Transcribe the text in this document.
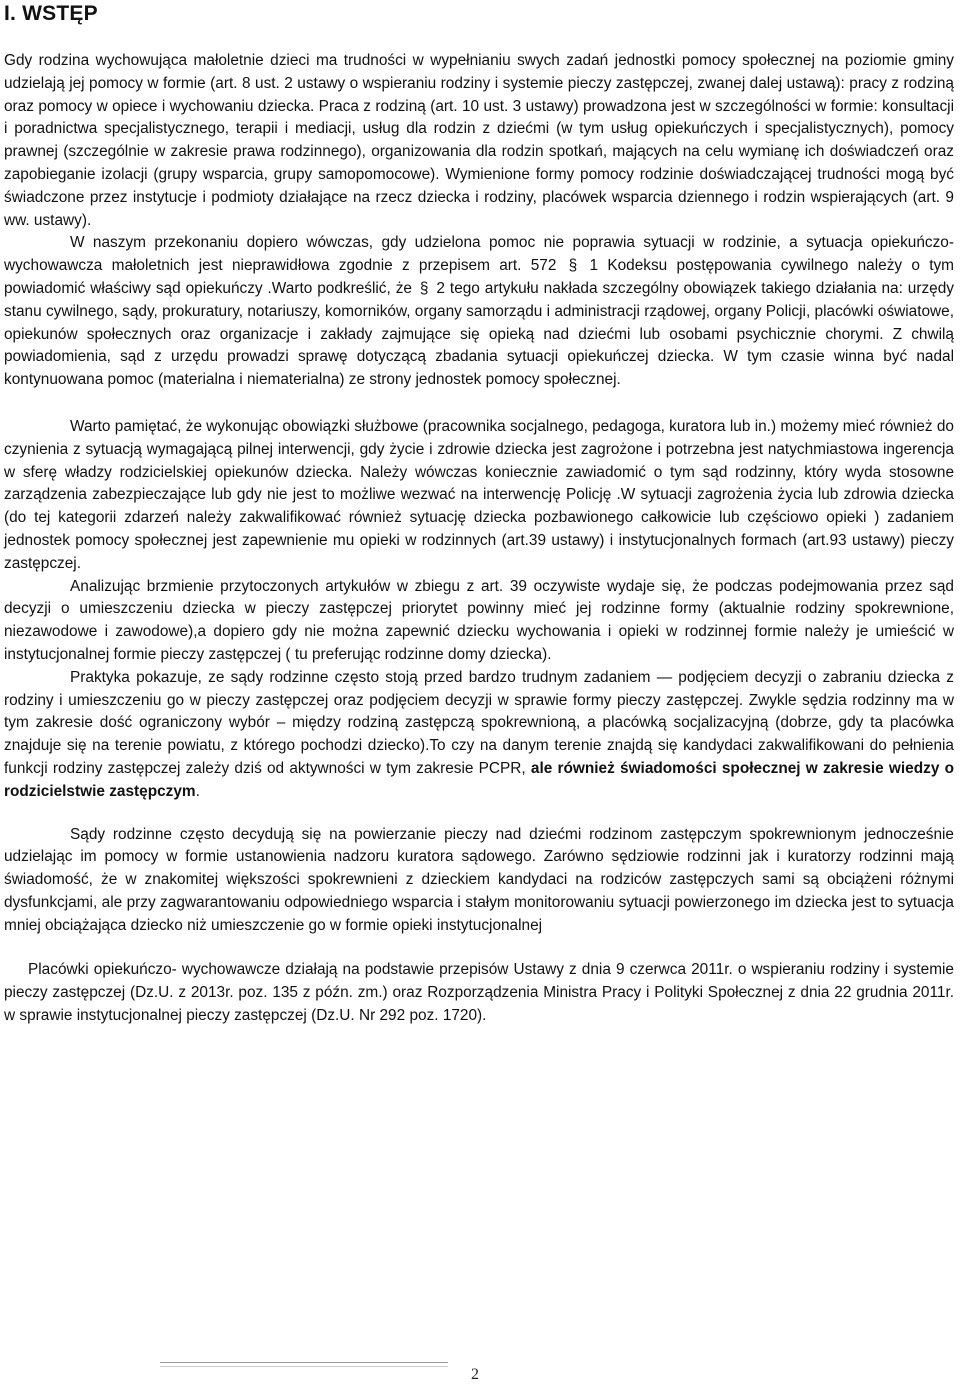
I. WSTĘP

Gdy rodzina wychowująca małoletnie dzieci ma trudności w wypełnianiu swych zadań jednostki pomocy społecznej na poziomie gminy udzielają jej pomocy w formie (art. 8 ust. 2 ustawy o wspieraniu rodziny i systemie pieczy zastępczej, zwanej dalej ustawą): pracy z rodziną oraz pomocy w opiece i wychowaniu dziecka. Praca z rodziną (art. 10 ust. 3 ustawy) prowadzona jest w szczególności w formie: konsultacji i poradnictwa specjalistycznego, terapii i mediacji, usług dla rodzin z dziećmi (w tym usług opiekuńczych i specjalistycznych), pomocy prawnej (szczególnie w zakresie prawa rodzinnego), organizowania dla rodzin spotkań, mających na celu wymianę ich doświadczeń oraz zapobieganie izolacji (grupy wsparcia, grupy samopomocowe). Wymienione formy pomocy rodzinie doświadczającej trudności mogą być świadczone przez instytucje i podmioty działające na rzecz dziecka i rodziny, placówek wsparcia dziennego i rodzin wspierających (art. 9 ww. ustawy).

W naszym przekonaniu dopiero wówczas, gdy udzielona pomoc nie poprawia sytuacji w rodzinie, a sytuacja opiekuńczo-wychowawcza małoletnich jest nieprawidłowa zgodnie z przepisem art. 572 § 1 Kodeksu postępowania cywilnego należy o tym powiadomić właściwy sąd opiekuńczy .Warto podkreślić, że § 2 tego artykułu nakłada szczególny obowiązek takiego działania na: urzędy stanu cywilnego, sądy, prokuratury, notariuszy, komorników, organy samorządu i administracji rządowej, organy Policji, placówki oświatowe, opiekunów społecznych oraz organizacje i zakłady zajmujące się opieką nad dziećmi lub osobami psychicznie chorymi. Z chwilą powiadomienia, sąd z urzędu prowadzi sprawę dotyczącą zbadania sytuacji opiekuńczej dziecka. W tym czasie winna być nadal kontynuowana pomoc (materialna i niematerialna) ze strony jednostek pomocy społecznej.

Warto pamiętać, że wykonując obowiązki służbowe (pracownika socjalnego, pedagoga, kuratora lub in.) możemy mieć również do czynienia z sytuacją wymagającą pilnej interwencji, gdy życie i zdrowie dziecka jest zagrożone i potrzebna jest natychmiastowa ingerencja w sferę władzy rodzicielskiej opiekunów dziecka. Należy wówczas koniecznie zawiadomić o tym sąd rodzinny, który wyda stosowne zarządzenia zabezpieczające lub gdy nie jest to możliwe wezwać na interwencję Policję .W sytuacji zagrożenia życia lub zdrowia dziecka (do tej kategorii zdarzeń należy zakwalifikować również sytuację dziecka pozbawionego całkowicie lub częściowo opieki ) zadaniem jednostek pomocy społecznej jest zapewnienie mu opieki w rodzinnych (art.39 ustawy) i instytucjonalnych formach (art.93 ustawy) pieczy zastępczej.

Analizując brzmienie przytoczonych artykułów w zbiegu z art. 39 oczywiste wydaje się, że podczas podejmowania przez sąd decyzji o umieszczeniu dziecka w pieczy zastępczej priorytet powinny mieć jej rodzinne formy (aktualnie rodziny spokrewnione, niezawodowe i zawodowe),a dopiero gdy nie można zapewnić dziecku wychowania i opieki w rodzinnej formie należy je umieścić w instytucjonalnej formie pieczy zastępczej ( tu preferując rodzinne domy dziecka).

Praktyka pokazuje, ze sądy rodzinne często stoją przed bardzo trudnym zadaniem — podjęciem decyzji o zabraniu dziecka z rodziny i umieszczeniu go w pieczy zastępczej oraz podjęciem decyzji w sprawie formy pieczy zastępczej. Zwykle sędzia rodzinny ma w tym zakresie dość ograniczony wybór – między rodziną zastępczą spokrewnioną, a placówką socjalizacyjną (dobrze, gdy ta placówka znajduje się na terenie powiatu, z którego pochodzi dziecko).To czy na danym terenie znajdą się kandydaci zakwalifikowani do pełnienia funkcji rodziny zastępczej zależy dziś od aktywności w tym zakresie PCPR, ale również świadomości społecznej w zakresie wiedzy o rodzicielstwie zastępczym.

Sądy rodzinne często decydują się na powierzanie pieczy nad dziećmi rodzinom zastępczym spokrewnionym jednocześnie udzielając im pomocy w formie ustanowienia nadzoru kuratora sądowego. Zarówno sędziowie rodzinni jak i kuratorzy rodzinni mają świadomość, że w znakomitej większości spokrewnieni z dzieckiem kandydaci na rodziców zastępczych sami są obciążeni różnymi dysfunkcjami, ale przy zagwarantowaniu odpowiedniego wsparcia i stałym monitorowaniu sytuacji powierzonego im dziecka jest to sytuacja mniej obciążająca dziecko niż umieszczenie go w formie opieki instytucjonalnej

Placówki opiekuńczo- wychowawcze działają na podstawie przepisów Ustawy z dnia 9 czerwca 2011r. o wspieraniu rodziny i systemie pieczy zastępczej (Dz.U. z 2013r. poz. 135 z późn. zm.) oraz Rozporządzenia Ministra Pracy i Polityki Społecznej z dnia 22 grudnia 2011r. w sprawie instytucjonalnej pieczy zastępczej (Dz.U. Nr 292 poz. 1720).

2
